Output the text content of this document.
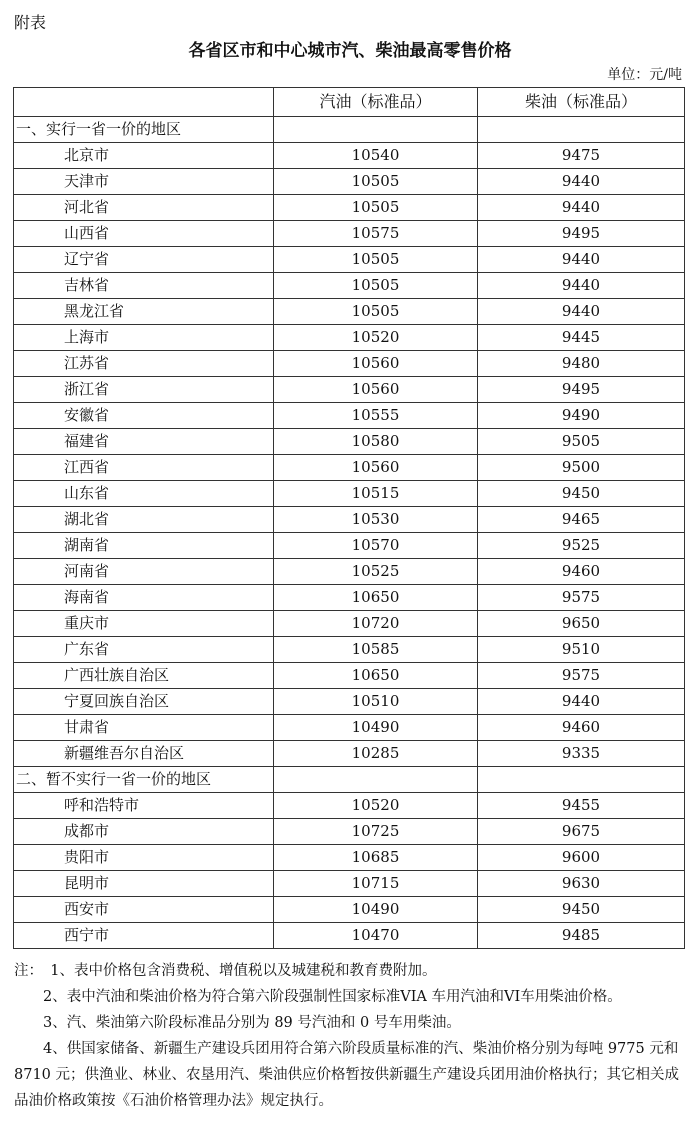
附表
各省区市和中心城市汽、柴油最高零售价格
单位：元/吨
	汽油（标准品）	柴油（标准品）
一、实行一省一价的地区		
北京市	10540	9475
天津市	10505	9440
河北省	10505	9440
山西省	10575	9495
辽宁省	10505	9440
吉林省	10505	9440
黑龙江省	10505	9440
上海市	10520	9445
江苏省	10560	9480
浙江省	10560	9495
安徽省	10555	9490
福建省	10580	9505
江西省	10560	9500
山东省	10515	9450
湖北省	10530	9465
湖南省	10570	9525
河南省	10525	9460
海南省	10650	9575
重庆市	10720	9650
广东省	10585	9510
广西壮族自治区	10650	9575
宁夏回族自治区	10510	9440
甘肃省	10490	9460
新疆维吾尔自治区	10285	9335
二、暂不实行一省一价的地区		
呼和浩特市	10520	9455
成都市	10725	9675
贵阳市	10685	9600
昆明市	10715	9630
西安市	10490	9450
西宁市	10470	9485

注：　1、表中价格包含消费税、增值税以及城建税和教育费附加。

2、表中汽油和柴油价格为符合第六阶段强制性国家标准VIA 车用汽油和VI车用柴油价格。

3、汽、柴油第六阶段标准品分别为 89 号汽油和 0 号车用柴油。

4、供国家储备、新疆生产建设兵团用符合第六阶段质量标准的汽、柴油价格分别为每吨 9775 元和 8710 元；供渔业、林业、农垦用汽、柴油供应价格暂按供新疆生产建设兵团用油价格执行；其它相关成品油价格政策按《石油价格管理办法》规定执行。
